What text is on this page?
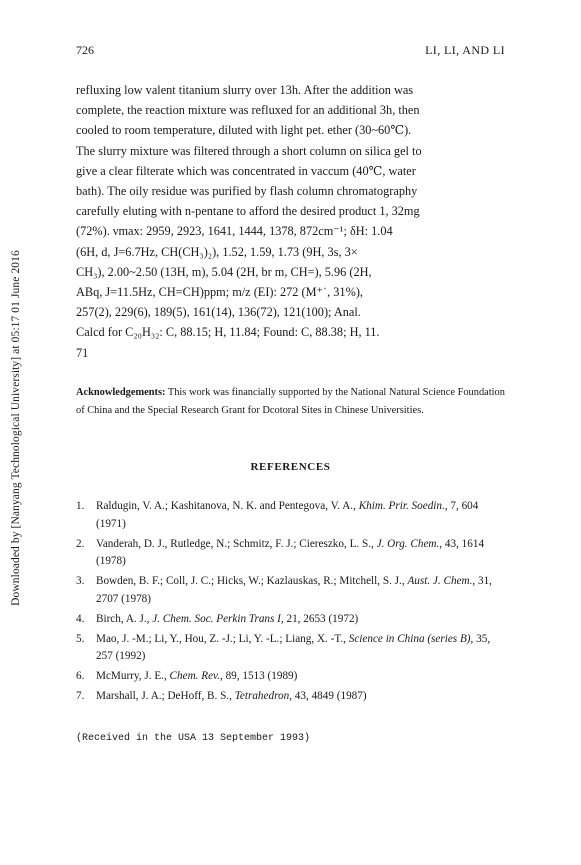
Downloaded by [Nanyang Technological University] at 05:17 01 June 2016
726	LI, LI, AND LI

refluxing low valent titanium slurry over 13h. After the addition was
complete, the reaction mixture was refluxed for an additional 3h, then
cooled to room temperature, diluted with light pet. ether (30~60℃).
The slurry mixture was filtered through a short column on silica gel to
give a clear filterate which was concentrated in vaccum (40℃, water
bath). The oily residue was purified by flash column chromatography
carefully eluting with n-pentane to afford the desired product 1, 32mg
(72%). νmax: 2959, 2923, 1641, 1444, 1378, 872cm⁻¹; δH: 1.04
(6H, d, J=6.7Hz, CH(CH₃)₂), 1.52, 1.59, 1.73 (9H, 3s, 3×
CH₃), 2.00~2.50 (13H, m), 5.04 (2H, br m, CH=), 5.96 (2H,
ABq, J=11.5Hz, CH=CH)ppm; m/z (EI): 272 (M⁺˙, 31%),
257(2), 229(6), 189(5), 161(14), 136(72), 121(100); Anal.
Calcd for C₂₀H₃₂: C, 88.15; H, 11.84; Found: C, 88.38; H, 11.
71

Acknowledgements: This work was financially supported by the National Natural Science Foundation of China and the Special Research Grant for Dcotoral Sites in Chinese Universities.

REFERENCES
1. Raldugin, V. A.; Kashitanova, N. K. and Pentegova, V. A., Khim. Prir. Soedin., 7, 604 (1971)
2. Vanderah, D. J., Rutledge, N.; Schmitz, F. J.; Ciereszko, L. S., J. Org. Chem., 43, 1614 (1978)
3. Bowden, B. F.; Coll, J. C.; Hicks, W.; Kazlauskas, R.; Mitchell, S. J., Aust. J. Chem., 31, 2707 (1978)
4. Birch, A. J., J. Chem. Soc. Perkin Trans I, 21, 2653 (1972)
5. Mao, J. -M.; Li, Y., Hou, Z. -J.; Li, Y. -L.; Liang, X. -T., Science in China (series B), 35, 257 (1992)
6. McMurry, J. E., Chem. Rev., 89, 1513 (1989)
7. Marshall, J. A.; DeHoff, B. S., Tetrahedron, 43, 4849 (1987)
(Received in the USA 13 September 1993)
